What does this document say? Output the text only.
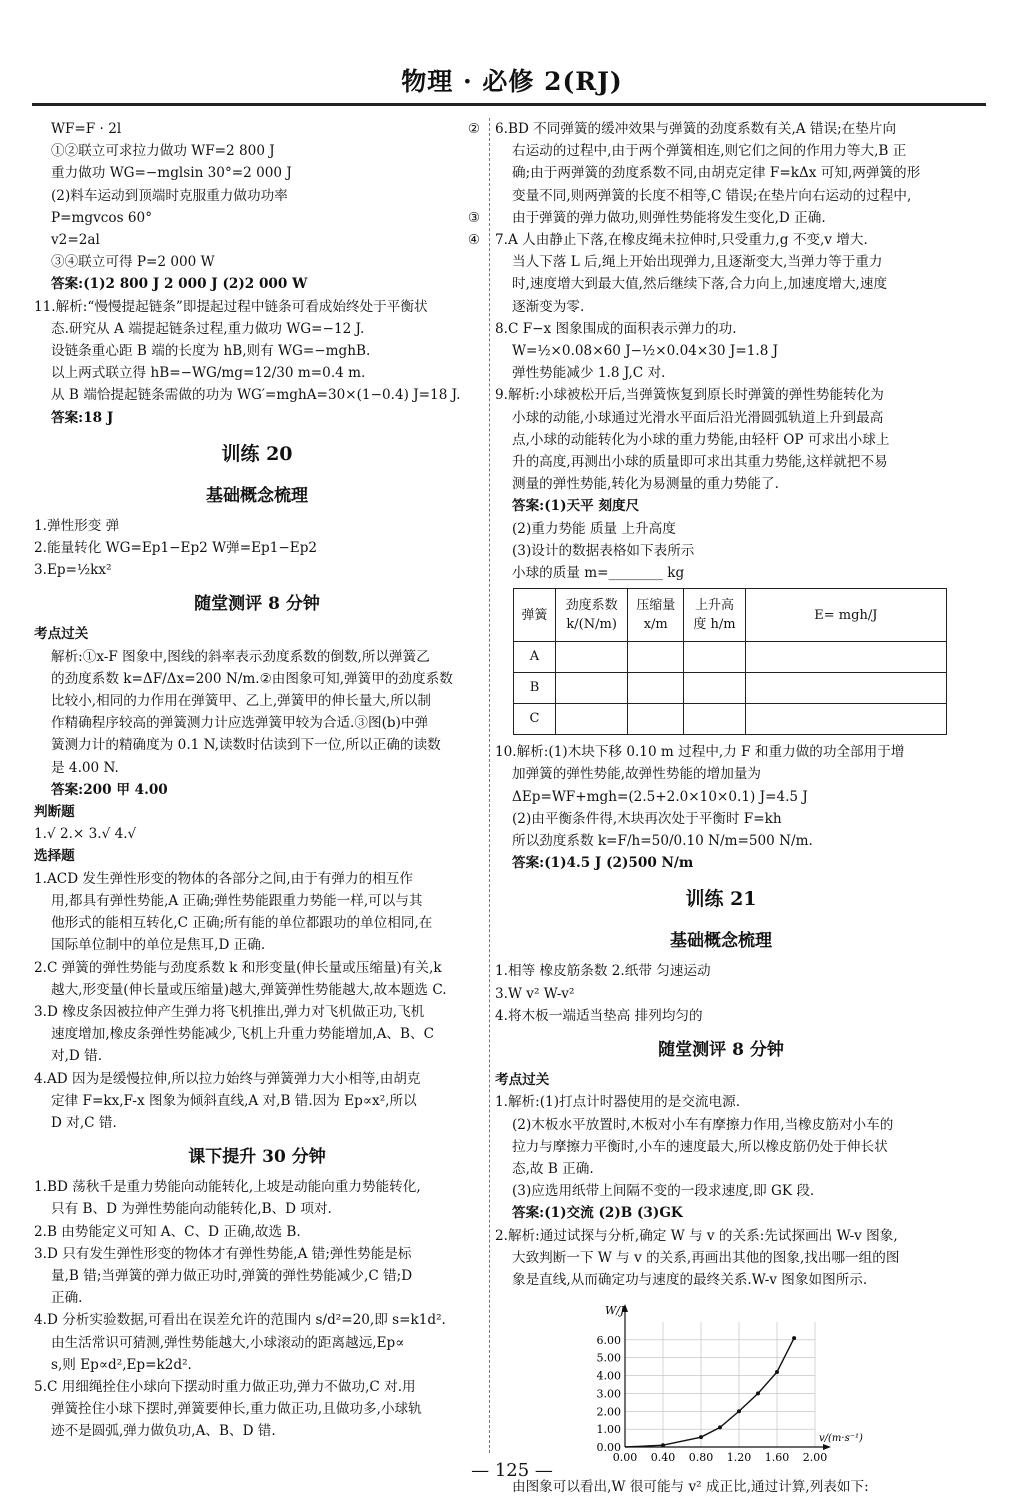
物理 · 必修 2(RJ)

WF=F · 2l	②

①②联立可求拉力做功 WF=2 800 J

重力做功 WG=−mglsin 30°=2 000 J

(2)料车运动到顶端时克服重力做功功率

P=mgvcos 60°	③

v2=2al	④

③④联立可得 P=2 000 W

答案:(1)2 800 J 2 000 J (2)2 000 W

11.解析:“慢慢提起链条”即提起过程中链条可看成始终处于平衡状

态.研究从 A 端提起链条过程,重力做功 WG=−12 J.

设链条重心距 B 端的长度为 hB,则有 WG=−mghB.

以上两式联立得 hB=−WG/mg=12/30 m=0.4 m.

从 B 端恰提起链条需做的功为 WG′=mghA=30×(1−0.4) J=18 J.

答案:18 J

训练 20

基础概念梳理

1.弹性形变 弹

2.能量转化 WG=Ep1−Ep2 W弹=Ep1−Ep2

3.Ep=½kx²

随堂测评 8 分钟

考点过关

解析:①x-F 图象中,图线的斜率表示劲度系数的倒数,所以弹簧乙

的劲度系数 k=ΔF/Δx=200 N/m.②由图象可知,弹簧甲的劲度系数

比较小,相同的力作用在弹簧甲、乙上,弹簧甲的伸长量大,所以制

作精确程序较高的弹簧测力计应选弹簧甲较为合适.③图(b)中弹

簧测力计的精确度为 0.1 N,读数时估读到下一位,所以正确的读数

是 4.00 N.

答案:200 甲 4.00

判断题

1.√ 2.× 3.√ 4.√

选择题

1.ACD 发生弹性形变的物体的各部分之间,由于有弹力的相互作

用,都具有弹性势能,A 正确;弹性势能跟重力势能一样,可以与其

他形式的能相互转化,C 正确;所有能的单位都跟功的单位相同,在

国际单位制中的单位是焦耳,D 正确.

2.C 弹簧的弹性势能与劲度系数 k 和形变量(伸长量或压缩量)有关,k

越大,形变量(伸长量或压缩量)越大,弹簧弹性势能越大,故本题选 C.

3.D 橡皮条因被拉伸产生弹力将飞机推出,弹力对飞机做正功,飞机

速度增加,橡皮条弹性势能减少,飞机上升重力势能增加,A、B、C

对,D 错.

4.AD 因为是缓慢拉伸,所以拉力始终与弹簧弹力大小相等,由胡克

定律 F=kx,F-x 图象为倾斜直线,A 对,B 错.因为 Ep∝x²,所以

D 对,C 错.

课下提升 30 分钟

1.BD 荡秋千是重力势能向动能转化,上坡是动能向重力势能转化,

只有 B、D 为弹性势能向动能转化,B、D 项对.

2.B 由势能定义可知 A、C、D 正确,故选 B.

3.D 只有发生弹性形变的物体才有弹性势能,A 错;弹性势能是标

量,B 错;当弹簧的弹力做正功时,弹簧的弹性势能减少,C 错;D

正确.

4.D 分析实验数据,可看出在误差允许的范围内 s/d²=20,即 s=k1d².

由生活常识可猜测,弹性势能越大,小球滚动的距离越远,Ep∝

s,则 Ep∝d²,Ep=k2d².

5.C 用细绳拴住小球向下摆动时重力做正功,弹力不做功,C 对.用

弹簧拴住小球下摆时,弹簧要伸长,重力做正功,且做功多,小球轨

迹不是圆弧,弹力做负功,A、B、D 错.

6.BD 不同弹簧的缓冲效果与弹簧的劲度系数有关,A 错误;在垫片向

右运动的过程中,由于两个弹簧相连,则它们之间的作用力等大,B 正

确;由于两弹簧的劲度系数不同,由胡克定律 F=kΔx 可知,两弹簧的形

变量不同,则两弹簧的长度不相等,C 错误;在垫片向右运动的过程中,

由于弹簧的弹力做功,则弹性势能将发生变化,D 正确.

7.A 人由静止下落,在橡皮绳未拉伸时,只受重力,g 不变,v 增大.

当人下落 L 后,绳上开始出现弹力,且逐渐变大,当弹力等于重力

时,速度增大到最大值,然后继续下落,合力向上,加速度增大,速度

逐渐变为零.

8.C F−x 图象围成的面积表示弹力的功.

W=½×0.08×60 J−½×0.04×30 J=1.8 J

弹性势能减少 1.8 J,C 对.

9.解析:小球被松开后,当弹簧恢复到原长时弹簧的弹性势能转化为

小球的动能,小球通过光滑水平面后沿光滑圆弧轨道上升到最高

点,小球的动能转化为小球的重力势能,由轻杆 OP 可求出小球上

升的高度,再测出小球的质量即可求出其重力势能,这样就把不易

测量的弹性势能,转化为易测量的重力势能了.

答案:(1)天平 刻度尺

(2)重力势能 质量 上升高度

(3)设计的数据表格如下表所示

小球的质量 m=________ kg

弹簧	劲度系数 k/(N/m)	压缩量 x/m	上升高 度 h/m	E= mgh/J
A				
B				
C				

10.解析:(1)木块下移 0.10 m 过程中,力 F 和重力做的功全部用于增

加弹簧的弹性势能,故弹性势能的增加量为

ΔEp=WF+mgh=(2.5+2.0×10×0.1) J=4.5 J

(2)由平衡条件得,木块再次处于平衡时 F=kh

所以劲度系数 k=F/h=50/0.10 N/m=500 N/m.

答案:(1)4.5 J (2)500 N/m

训练 21

基础概念梳理

1.相等 橡皮筋条数 2.纸带 匀速运动

3.W v² W-v²

4.将木板一端适当垫高 排列均匀的

随堂测评 8 分钟

考点过关

1.解析:(1)打点计时器使用的是交流电源.

(2)木板水平放置时,木板对小车有摩擦力作用,当橡皮筋对小车的

拉力与摩擦力平衡时,小车的速度最大,所以橡皮筋仍处于伸长状

态,故 B 正确.

(3)应选用纸带上间隔不变的一段求速度,即 GK 段.

答案:(1)交流 (2)B (3)GK

2.解析:通过试探与分析,确定 W 与 v 的关系:先试探画出 W-v 图象,

大致判断一下 W 与 v 的关系,再画出其他的图象,找出哪一组的图

象是直线,从而确定功与速度的最终关系.W-v 图象如图所示.

0.00
1.00
2.00
3.00
4.00
5.00
6.00
0.00 0.40 0.80 1.20 1.60 2.00
W/J
v/(m·s⁻¹)

由图象可以看出,W 很可能与 v² 成正比,通过计算,列表如下:

— 125 —
